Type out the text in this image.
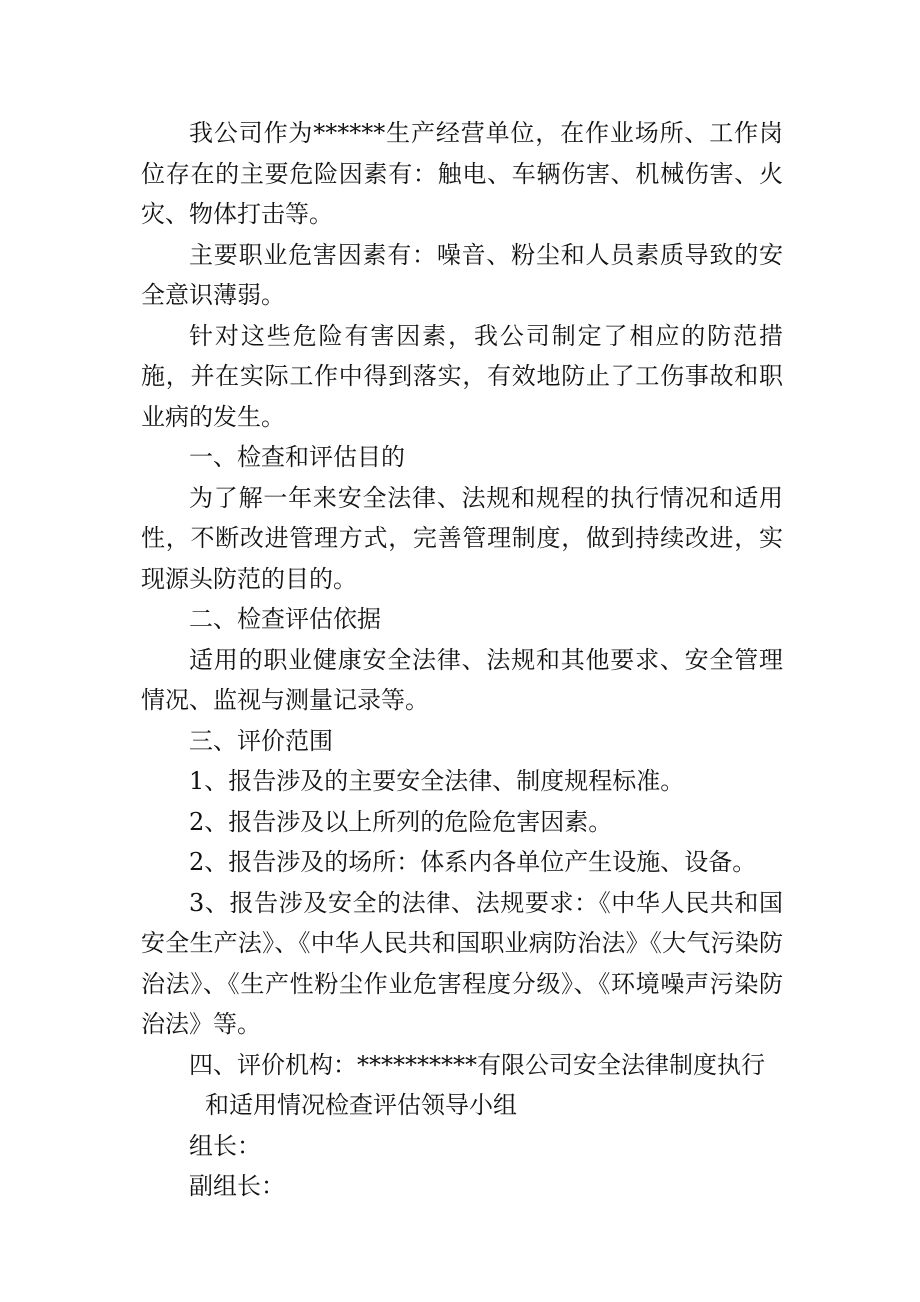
我公司作为******生产经营单位，在作业场所、工作岗位存在的主要危险因素有：触电、车辆伤害、机械伤害、火灾、物体打击等。

主要职业危害因素有：噪音、粉尘和人员素质导致的安全意识薄弱。

针对这些危险有害因素，我公司制定了相应的防范措施，并在实际工作中得到落实，有效地防止了工伤事故和职业病的发生。

一、检查和评估目的

为了解一年来安全法律、法规和规程的执行情况和适用性，不断改进管理方式，完善管理制度，做到持续改进，实现源头防范的目的。

二、检查评估依据

适用的职业健康安全法律、法规和其他要求、安全管理情况、监视与测量记录等。

三、评价范围

1、报告涉及的主要安全法律、制度规程标准。

2、报告涉及以上所列的危险危害因素。

2、报告涉及的场所：体系内各单位产生设施、设备。

3、报告涉及安全的法律、法规要求：《中华人民共和国安全生产法》、《中华人民共和国职业病防治法》《大气污染防治法》、《生产性粉尘作业危害程度分级》、《环境噪声污染防治法》等。

四、评价机构：**********有限公司安全法律制度执行
和适用情况检查评估领导小组

组长：

副组长：
